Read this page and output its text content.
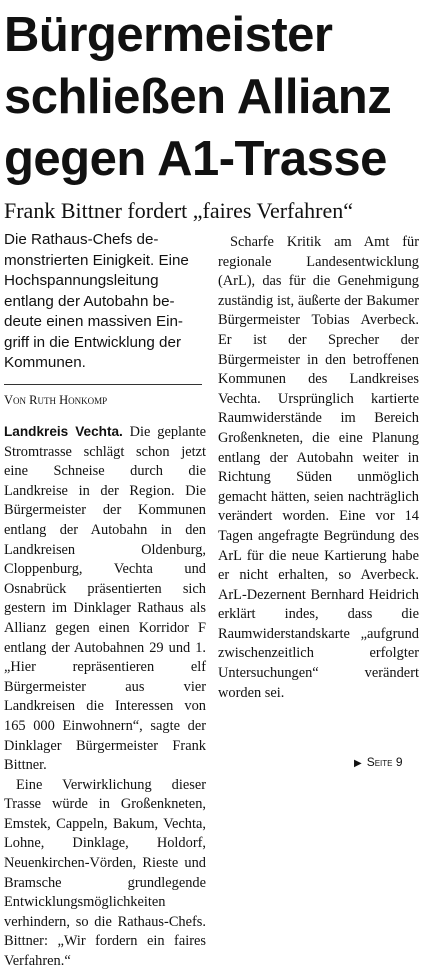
Bürgermeister
schließen Allianz
gegen A1-Trasse
Frank Bittner fordert „faires Verfahren“
Die Rathaus-Chefs de-
monstrierten Einigkeit. Eine
Hochspannungsleitung
entlang der Autobahn be-
deute einen massiven Ein-
griff in die Entwicklung der
Kommunen.
Von Ruth Honkomp

Landkreis Vechta. Die geplante Stromtrasse schlägt schon jetzt eine Schneise durch die Landkreise in der Region. Die Bürgermeister der Kommunen entlang der Autobahn in den Landkreisen Oldenburg, Cloppenburg, Vechta und Osnabrück präsentierten sich gestern im Dinklager Rathaus als Allianz gegen einen Korridor F entlang der Autobahnen 29 und 1. „Hier repräsentieren elf Bürgermeister aus vier Landkreisen die Interessen von 165 000 Einwohnern“, sagte der Dinklager Bürgermeister Frank Bittner.

Eine Verwirklichung dieser Trasse würde in Großenkneten, Emstek, Cappeln, Bakum, Vechta, Lohne, Dinklage, Holdorf, Neuenkirchen-Vörden, Rieste und Bramsche grundlegende Entwicklungsmöglichkeiten verhindern, so die Rathaus-Chefs. Bittner: „Wir fordern ein faires Verfahren.“

Scharfe Kritik am Amt für regionale Landesentwicklung (ArL), das für die Genehmigung zuständig ist, äußerte der Bakumer Bürgermeister Tobias Averbeck. Er ist der Sprecher der Bürgermeister in den betroffenen Kommunen des Landkreises Vechta. Ursprünglich kartierte Raumwiderstände im Bereich Großenkneten, die eine Planung entlang der Autobahn weiter in Richtung Süden unmöglich gemacht hätten, seien nachträglich verändert worden. Eine vor 14 Tagen angefragte Begründung des ArL für die neue Kartierung habe er nicht erhalten, so Averbeck. ArL-Dezernent Bernhard Heidrich erklärt indes, dass die Raumwiderstandskarte „aufgrund zwischenzeitlich erfolgter Untersuchungen“ verändert worden sei.

▶ Seite 9
